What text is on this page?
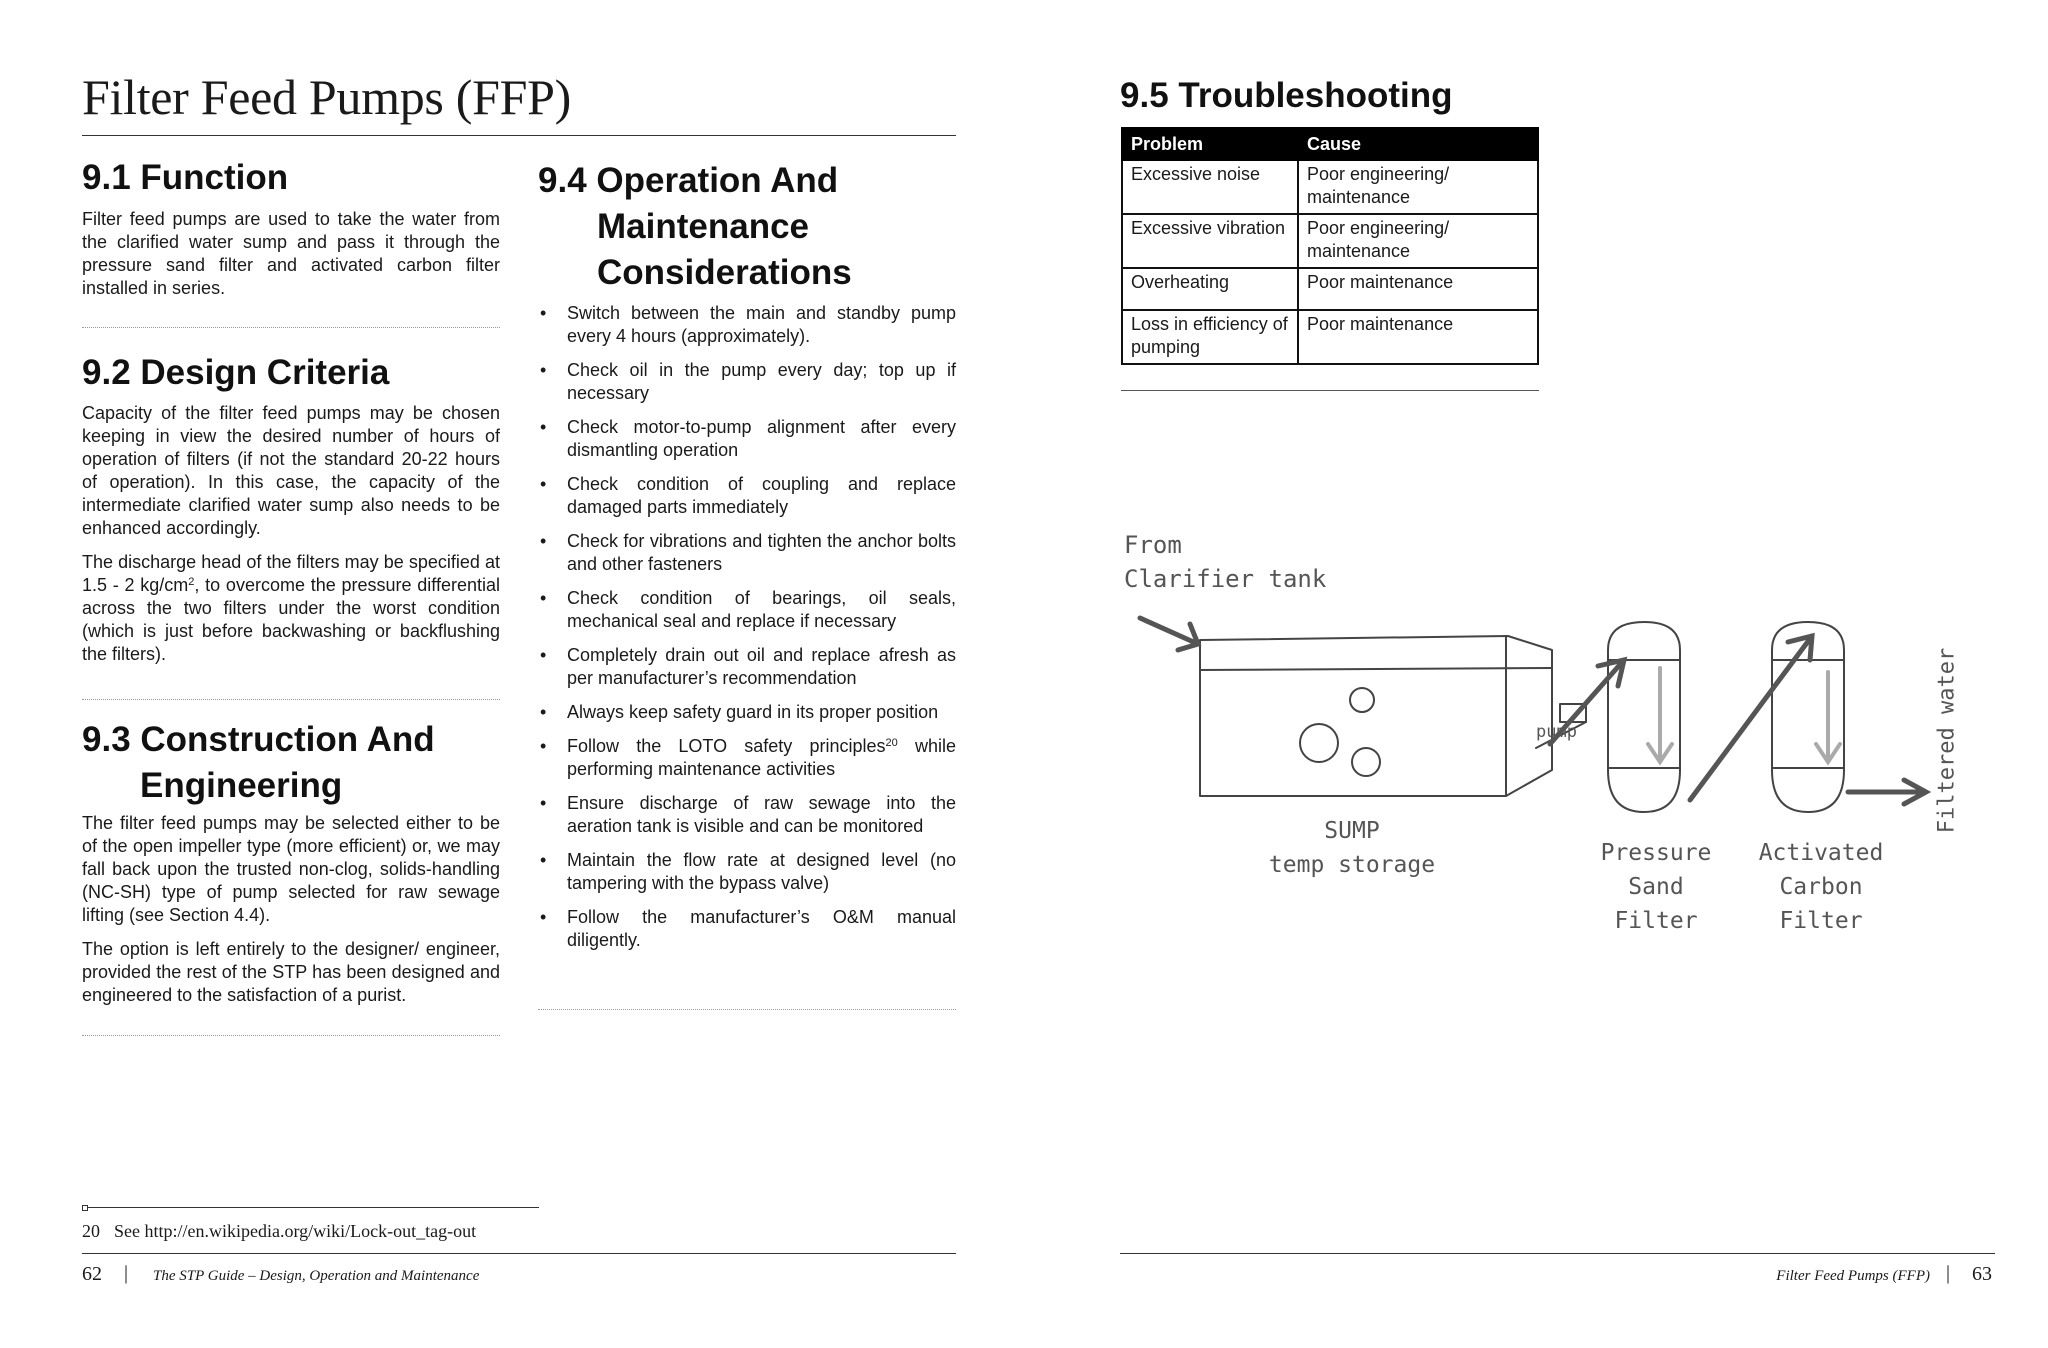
Filter Feed Pumps (FFP)
9.1 Function

Filter feed pumps are used to take the water from the clarified water sump and pass it through the pressure sand filter and activated carbon filter installed in series.

9.2 Design Criteria

Capacity of the filter feed pumps may be chosen keeping in view the desired number of hours of operation of filters (if not the standard 20-22 hours of operation). In this case, the capacity of the intermediate clarified water sump also needs to be enhanced accordingly.

The discharge head of the filters may be specified at 1.5 - 2 $kg/cm^2$, to overcome the pressure differential across the two filters under the worst condition (which is just before backwashing or backflushing the filters).

9.3 Construction And
Engineering

The filter feed pumps may be selected either to be of the open impeller type (more efficient) or, we may fall back upon the trusted non-clog, solids-handling (NC-SH) type of pump selected for raw sewage lifting (see Section 4.4).

The option is left entirely to the designer/ engineer, provided the rest of the STP has been designed and engineered to the satisfaction of a purist.

9.4 Operation And
Maintenance
Considerations
• Switch between the main and standby pump every 4 hours (approximately).
• Check oil in the pump every day; top up if necessary
• Check motor-to-pump alignment after every dismantling operation
• Check condition of coupling and replace damaged parts immediately
• Check for vibrations and tighten the anchor bolts and other fasteners
• Check condition of bearings, oil seals, mechanical seal and replace if necessary
• Completely drain out oil and replace afresh as per manufacturer’s recommendation
• Always keep safety guard in its proper position
• Follow the LOTO safety principles$^{20}$ while performing maintenance activities
• Ensure discharge of raw sewage into the aeration tank is visible and can be monitored
• Maintain the flow rate at designed level (no tampering with the bypass valve)
• Follow the manufacturer’s O&M manual diligently.
20 See http://en.wikipedia.org/wiki/Lock-out_tag-out
62 | The STP Guide – Design, Operation and Maintenance
9.5 Troubleshooting
Problem	Cause
Excessive noise	Poor engineering/ maintenance
Excessive vibration	Poor engineering/ maintenance
Overheating	Poor maintenance
Loss in efficiency of pumping	Poor maintenance
From
Clarifier tank
pump
SUMP
temp storage	Pressure
Sand
Filter
Activated
Carbon
Filter
Filtered water
Filter Feed Pumps (FFP) | 63
